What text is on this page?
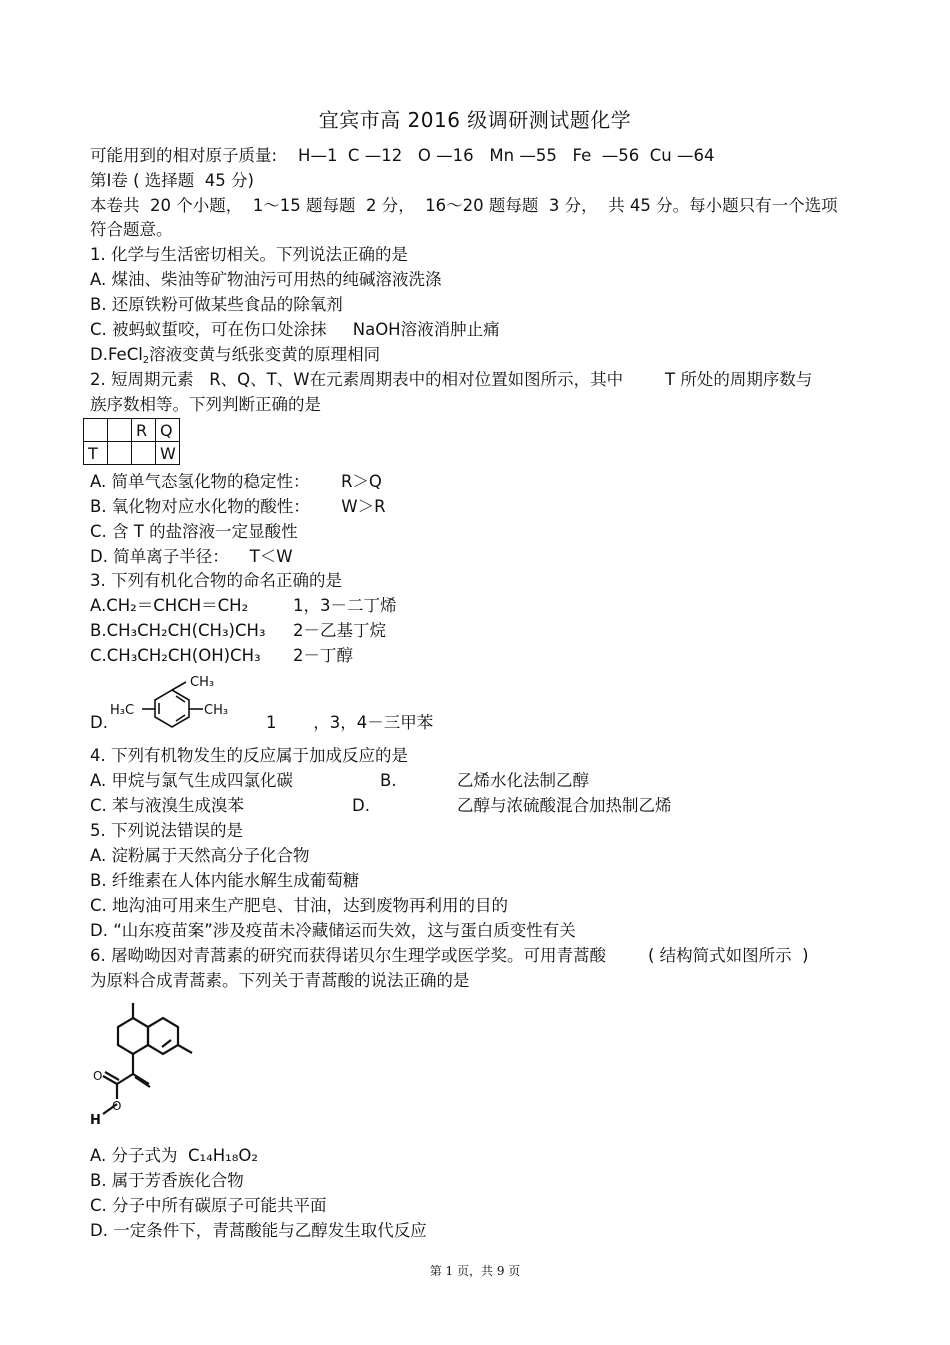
宜宾市高 2016 级调研测试题化学
可能用到的相对原子质量:    H—1  C —12   O —16   Mn —55   Fe  —56  Cu —64
第Ⅰ卷 ( 选择题  45 分)
本卷共  20 个小题，  1～15 题每题  2 分，  16～20 题每题  3 分，  共 45 分。每小题只有一个选项
符合题意。
1. 化学与生活密切相关。下列说法正确的是
A. 煤油、柴油等矿物油污可用热的纯碱溶液洗涤
B. 还原铁粉可做某些食品的除氧剂
C. 被蚂蚁蜇咬，可在伤口处涂抹     NaOH溶液消肿止痛
D.FeCl$_2$溶液变黄与纸张变黄的原理相同
2. 短周期元素   R、Q、T、W在元素周期表中的相对位置如图所示，其中        T 所处的周期序数与
族序数相等。下列判断正确的是
		R	Q
T			W
A. 简单气态氢化物的稳定性：      R＞Q
B. 氧化物对应水化物的酸性：      W＞R
C. 含 T 的盐溶液一定显酸性
D. 简单离子半径：    T＜W
3. 下列有机化合物的命名正确的是
A.CH₂＝CHCH＝CH₂	1，3－二丁烯
B.CH₃CH₂CH(CH₃)CH₃ 2－乙基丁烷
C.CH₃CH₂CH(OH)CH₃ 2－丁醇
H₃C
CH₃
CH₃
D.	1       ，3，4－三甲苯
4. 下列有机物发生的反应属于加成反应的是
A. 甲烷与氯气生成四氯化碳	B.	乙烯水化法制乙醇
C. 苯与液溴生成溴苯	D.	乙醇与浓硫酸混合加热制乙烯
5. 下列说法错误的是
A. 淀粉属于天然高分子化合物
B. 纤维素在人体内能水解生成葡萄糖
C. 地沟油可用来生产肥皂、甘油，达到废物再利用的目的
D. “山东疫苗案”涉及疫苗未冷藏储运而失效，这与蛋白质变性有关
6. 屠呦呦因对青蒿素的研究而获得诺贝尔生理学或医学奖。可用青蒿酸        ( 结构简式如图所示  )
为原料合成青蒿素。下列关于青蒿酸的说法正确的是
O
O
H
A. 分子式为  C₁₄H₁₈O₂
B. 属于芳香族化合物
C. 分子中所有碳原子可能共平面
D. 一定条件下，青蒿酸能与乙醇发生取代反应
第 1 页，共 9 页
